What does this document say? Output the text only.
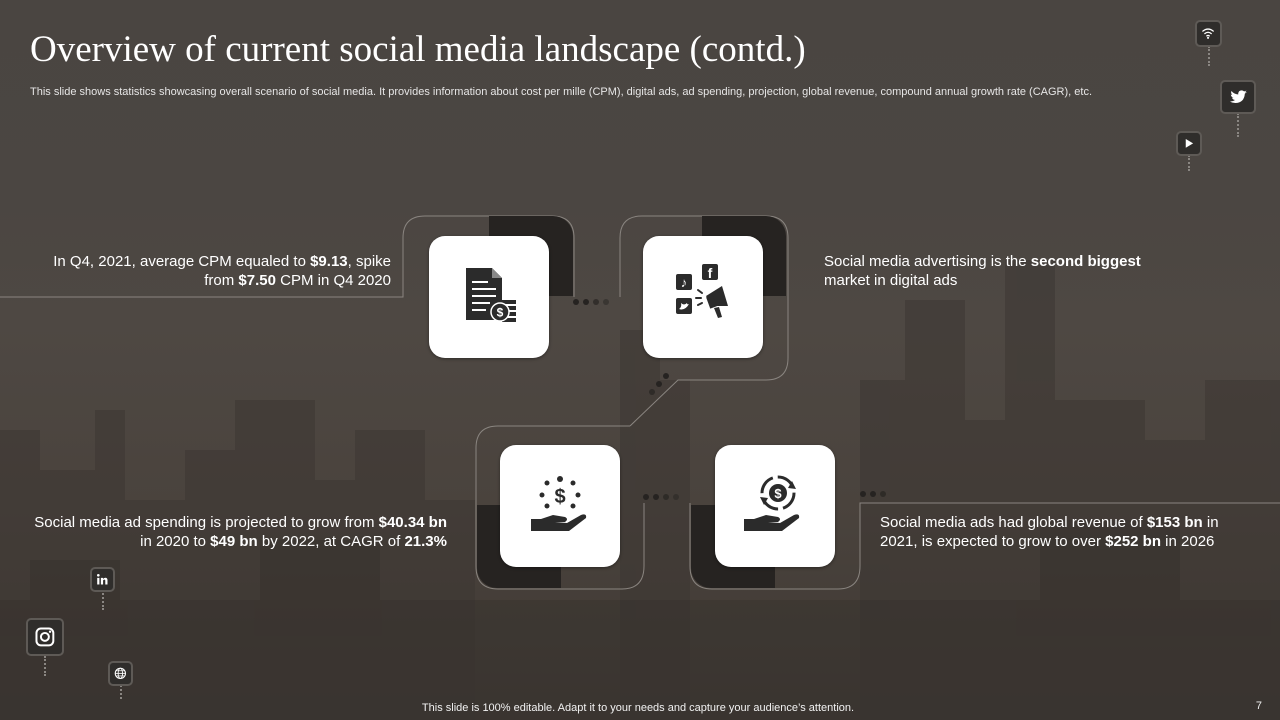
Overview of current social media landscape (contd.)
This slide shows statistics showcasing overall scenario of social media. It provides information about cost per mille (CPM), digital ads, ad spending, projection, global revenue, compound annual growth rate (CAGR), etc.
$
♪
f
$	$
In Q4, 2021, average CPM equaled to $9.13, spike from $7.50 CPM in Q4 2020
Social media advertising is the second biggest market in digital ads
Social media ad spending is projected to grow from $40.34 bn in 2020 to $49 bn by 2022, at CAGR of 21.3%
Social media ads had global revenue of $153 bn in 2021, is expected to grow to over $252 bn in 2026
This slide is 100% editable. Adapt it to your needs and capture your audience’s attention.	7
